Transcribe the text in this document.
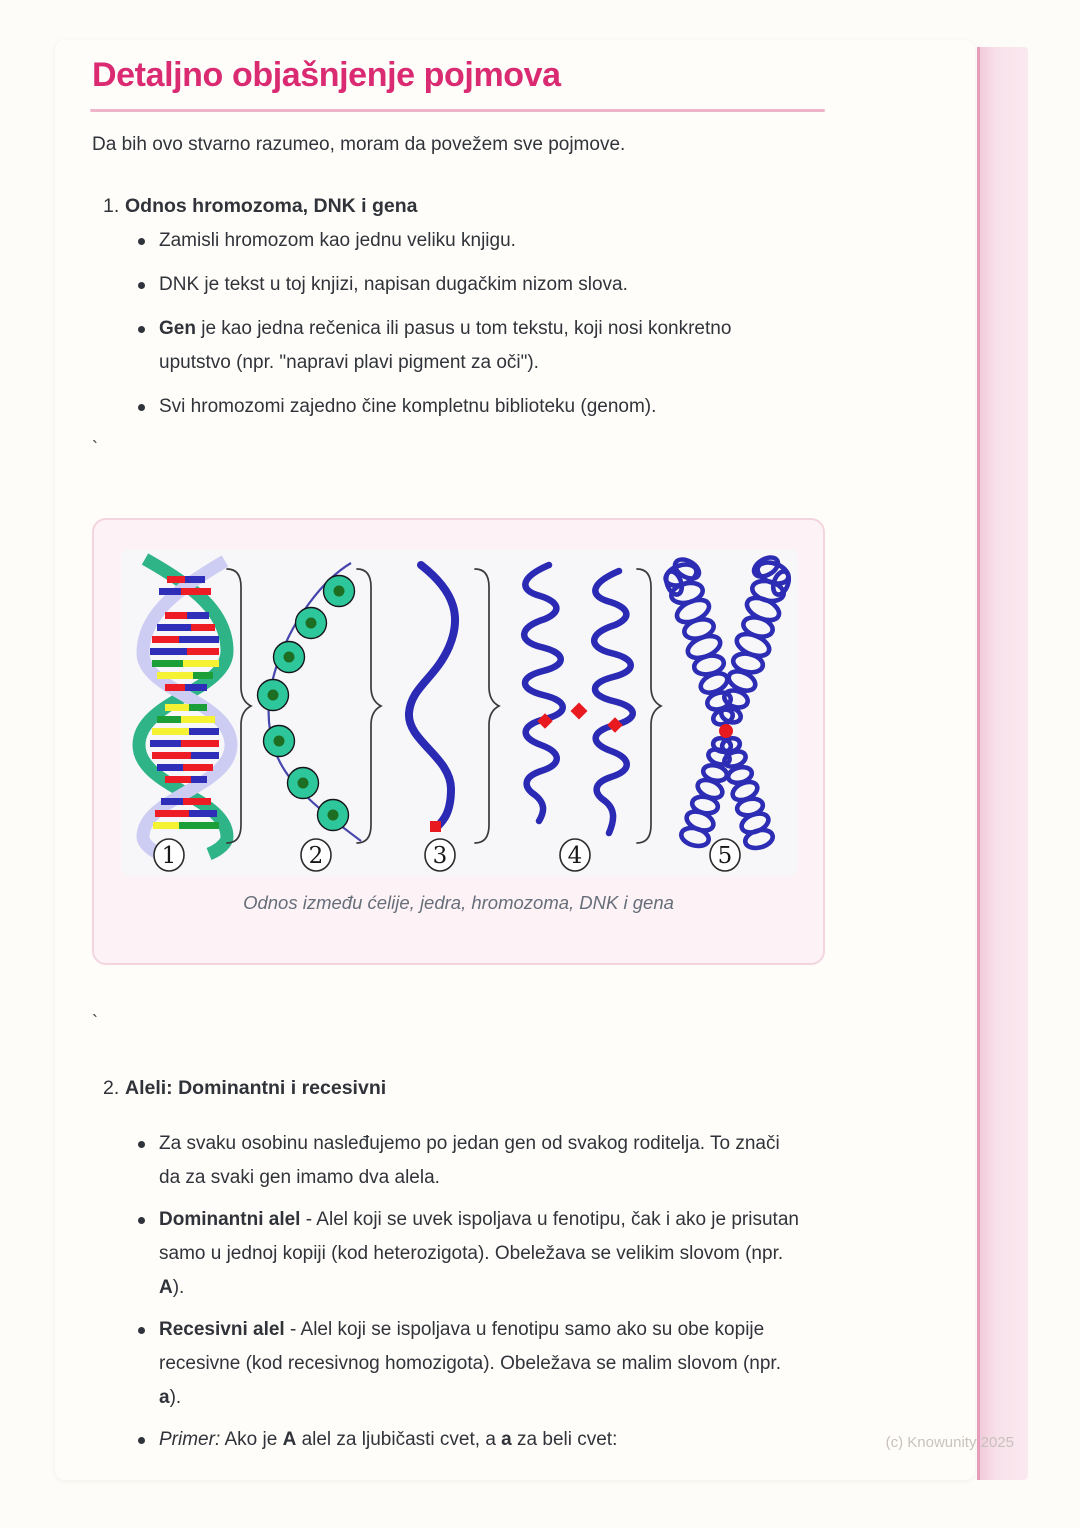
Detaljno objašnjenje pojmova

Da bih ovo stvarno razumeo, moram da povežem sve pojmove.

1. Odnos hromozoma, DNK i gena
Zamisli hromozom kao jednu veliku knjigu.
DNK je tekst u toj knjizi, napisan dugačkim nizom slova.
Gen je kao jedna rečenica ili pasus u tom tekstu, koji nosi konkretno uputstvo (npr. "napravi plavi pigment za oči").
Svi hromozomi zajedno čine kompletnu biblioteku (genom).
`
1	2	3	4	5
Odnos između ćelije, jedra, hromozoma, DNK i gena
`
2. Aleli: Dominantni i recesivni
Za svaku osobinu nasleđujemo po jedan gen od svakog roditelja. To znači da za svaki gen imamo dva alela.
Dominantni alel - Alel koji se uvek ispoljava u fenotipu, čak i ako je prisutan samo u jednoj kopiji (kod heterozigota). Obeležava se velikim slovom (npr. A).
Recesivni alel - Alel koji se ispoljava u fenotipu samo ako su obe kopije recesivne (kod recesivnog homozigota). Obeležava se malim slovom (npr. a).
Primer: Ako je A alel za ljubičasti cvet, a a za beli cvet:	(c) Knowunity 2025
